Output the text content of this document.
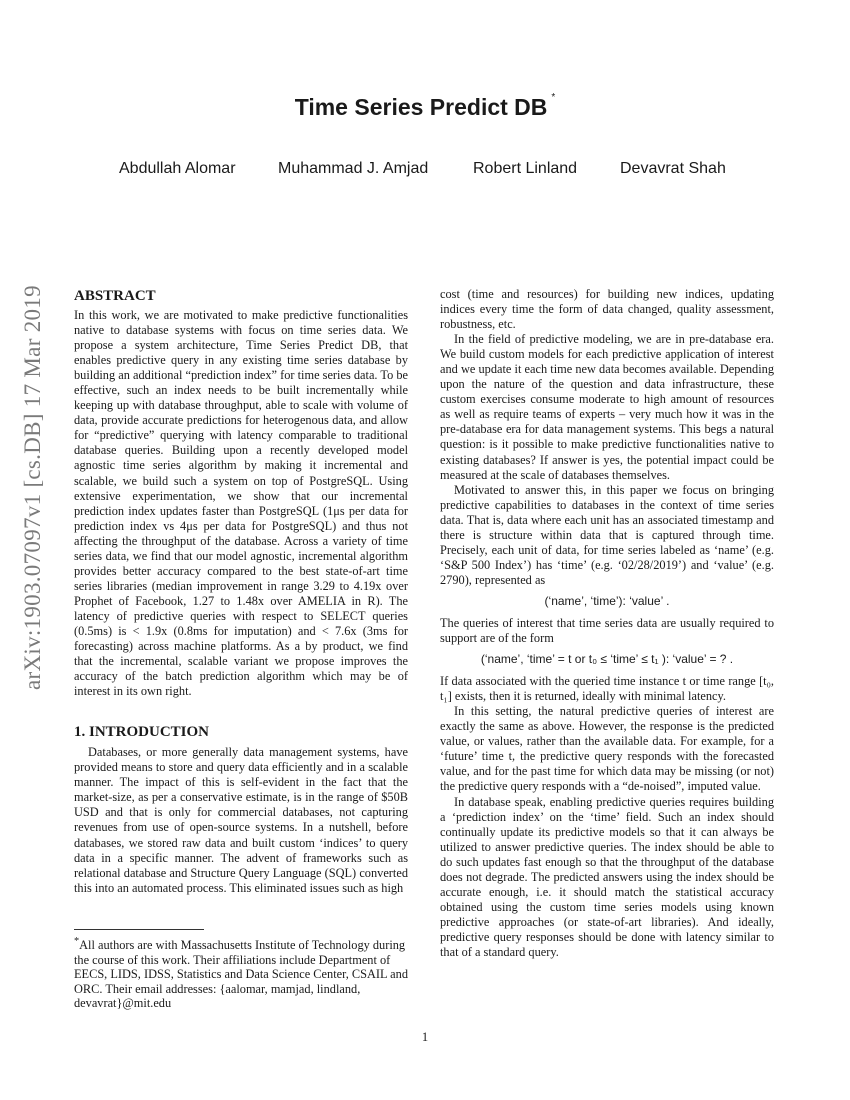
arXiv:1903.07097v1 [cs.DB] 17 Mar 2019
Time Series Predict DB *
Abdullah Alomar	Muhammad J. Amjad	Robert Linland	Devavrat Shah
ABSTRACT

In this work, we are motivated to make predictive functionalities native to database systems with focus on time series data. We propose a system architecture, Time Series Predict DB, that enables predictive query in any existing time series database by building an additional “prediction index” for time series data. To be effective, such an index needs to be built incrementally while keeping up with database throughput, able to scale with volume of data, provide accurate predictions for heterogenous data, and allow for “predictive” querying with latency comparable to traditional database queries. Building upon a recently developed model agnostic time series algorithm by making it incremental and scalable, we build such a system on top of PostgreSQL. Using extensive experimentation, we show that our incremental prediction index updates faster than PostgreSQL (1μs per data for prediction index vs 4μs per data for PostgreSQL) and thus not affecting the throughput of the database. Across a variety of time series data, we find that our model agnostic, incremental algorithm provides better accuracy compared to the best state-of-art time series libraries (median improvement in range 3.29 to 4.19x over Prophet of Facebook, 1.27 to 1.48x over AMELIA in R). The latency of predictive queries with respect to SELECT queries (0.5ms) is < 1.9x (0.8ms for imputation) and < 7.6x (3ms for forecasting) across machine platforms. As a by product, we find that the incremental, scalable variant we propose improves the accuracy of the batch prediction algorithm which may be of interest in its own right.

1. INTRODUCTION

Databases, or more generally data management systems, have provided means to store and query data efficiently and in a scalable manner. The impact of this is self-evident in the fact that the market-size, as per a conservative estimate, is in the range of $50B USD and that is only for commercial databases, not capturing revenues from use of open-source systems. In a nutshell, before databases, we stored raw data and built custom ‘indices’ to query data in a specific manner. The advent of frameworks such as relational database and Structure Query Language (SQL) converted this into an automated process. This eliminated issues such as high

cost (time and resources) for building new indices, updating indices every time the form of data changed, quality assessment, robustness, etc.

In the field of predictive modeling, we are in pre-database era. We build custom models for each predictive application of interest and we update it each time new data becomes available. Depending upon the nature of the question and data infrastructure, these custom exercises consume moderate to high amount of resources as well as require teams of experts – very much how it was in the pre-database era for data management systems. This begs a natural question: is it possible to make predictive functionalities native to existing databases? If answer is yes, the potential impact could be measured at the scale of databases themselves.

Motivated to answer this, in this paper we focus on bringing predictive capabilities to databases in the context of time series data. That is, data where each unit has an associated timestamp and there is structure within data that is captured through time. Precisely, each unit of data, for time series labeled as ‘name’ (e.g. ‘S&P 500 Index’) has ‘time’ (e.g. ‘02/28/2019’) and ‘value’ (e.g. 2790), represented as

(‘name’, ‘time’): ‘value’ .

The queries of interest that time series data are usually required to support are of the form

(‘name’, ‘time’ = t or t₀ ≤ ‘time’ ≤ t₁ ): ‘value’ = ? .

If data associated with the queried time instance t or time range [t₀, t₁] exists, then it is returned, ideally with minimal latency.

In this setting, the natural predictive queries of interest are exactly the same as above. However, the response is the predicted value, or values, rather than the available data. For example, for a ‘future’ time t, the predictive query responds with the forecasted value, and for the past time for which data may be missing (or not) the predictive query responds with a “de-noised”, imputed value.

In database speak, enabling predictive queries requires building a ‘prediction index’ on the ‘time’ field. Such an index should continually update its predictive models so that it can always be utilized to answer predictive queries. The index should be able to do such updates fast enough so that the throughput of the database does not degrade. The predicted answers using the index should be accurate enough, i.e. it should match the statistical accuracy obtained using the custom time series models using known predictive approaches (or state-of-art libraries). And ideally, predictive query responses should be done with latency similar to that of a standard query.

*All authors are with Massachusetts Institute of Technology during the course of this work. Their affiliations include Department of EECS, LIDS, IDSS, Statistics and Data Science Center, CSAIL and ORC. Their email addresses: {aalomar, mamjad, lindland, devavrat}@mit.edu
1
